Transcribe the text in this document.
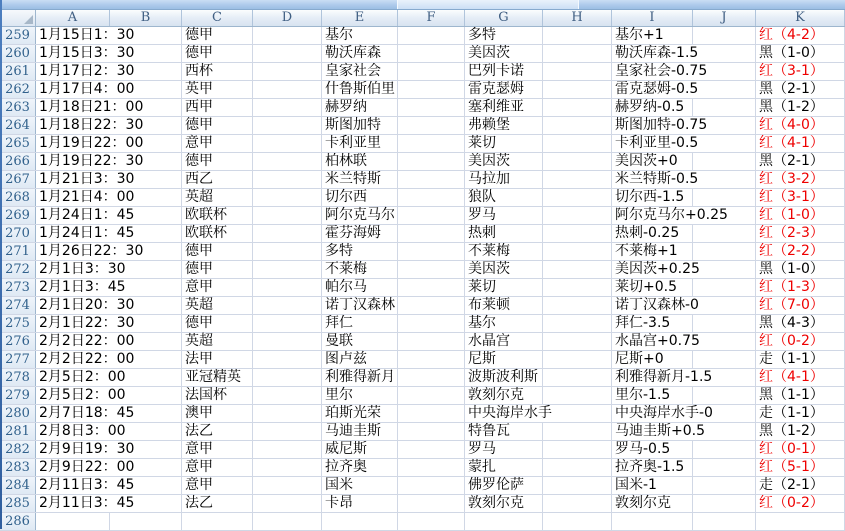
A	B	C	D	E	F	G	H	I	J	K
259 1月15日1：30	德甲	基尔	多特	基尔+1	红（4-2）
260 1月15日3：30	德甲	勒沃库森	美因茨	勒沃库森-1.5	黑（1-0）
261 1月17日2：30	西杯	皇家社会	巴列卡诺	皇家社会-0.75	红（3-1）
262 1月17日4：00	英甲	什鲁斯伯里	雷克瑟姆	雷克瑟姆-0.5	黑（2-1）
263 1月18日21：00	西甲	赫罗纳	塞利维亚	赫罗纳-0.5	黑（1-2）
264 1月18日22：30	德甲	斯图加特	弗赖堡	斯图加特-0.75	红（4-0）
265 1月19日22：00	意甲	卡利亚里	莱切	卡利亚里-0.5	红（4-1）
266 1月19日22：30	德甲	柏林联	美因茨	美因茨+0	黑（2-1）
267 1月21日3：30	西乙	米兰特斯	马拉加	米兰特斯-0.5	红（3-2）
268 1月21日4：00	英超	切尔西	狼队	切尔西-1.5	红（3-1）
269 1月24日1：45	欧联杯	阿尔克马尔	罗马	阿尔克马尔+0.25 红（1-0）
270 1月24日1：45	欧联杯	霍芬海姆	热刺	热刺-0.25	红（2-3）
271 1月26日22：30	德甲	多特	不莱梅	不莱梅+1	红（2-2）
272 2月1日3：30	德甲	不莱梅	美因茨	美因茨+0.25	黑（1-0）
273 2月1日3：45	意甲	帕尔马	莱切	莱切+0.5	红（1-3）
274 2月1日20：30	英超	诺丁汉森林	布莱顿	诺丁汉森林-0	红（7-0）
275 2月1日22：30	德甲	拜仁	基尔	拜仁-3.5	黑（4-3）
276 2月2日22：00	英超	曼联	水晶宫	水晶宫+0.75	红（0-2）
277 2月2日22：00	法甲	图卢兹	尼斯	尼斯+0	走（1-1）
278 2月5日2：00	亚冠精英	利雅得新月	波斯波利斯	利雅得新月-1.5	红（4-1）
279 2月5日2：00	法国杯	里尔	敦刻尔克	里尔-1.5	黑（1-1）
280 2月7日18：45	澳甲	珀斯光荣	中央海岸水手	中央海岸水手-0	走（1-1）
281 2月8日3：00	法乙	马迪圭斯	特鲁瓦	马迪圭斯+0.5	黑（1-2）
282 2月9日19：30	意甲	威尼斯	罗马	罗马-0.5	红（0-1）
283 2月9日22：00	意甲	拉齐奥	蒙扎	拉齐奥-1.5	红（5-1）
284 2月11日3：45	意甲	国米	佛罗伦萨	国米-1	走（2-1）
285 2月11日3：45	法乙	卡昂	敦刻尔克	敦刻尔克	红（0-2）
286
